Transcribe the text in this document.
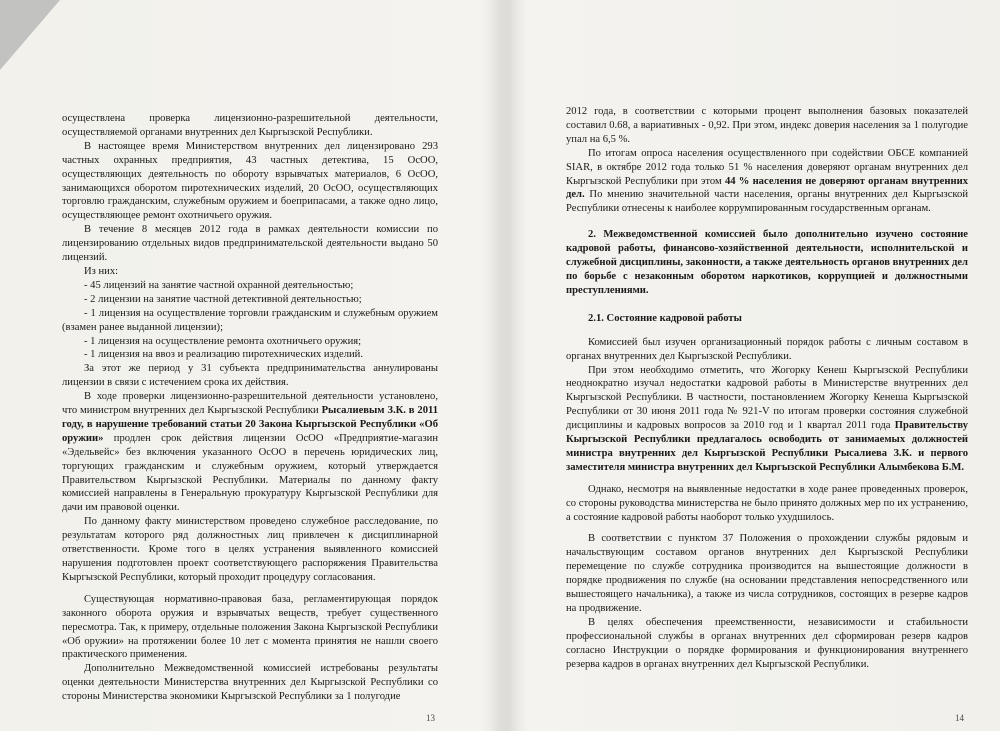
осуществлена проверка лицензионно-разрешительной деятельности, осуществляемой органами внутренних дел Кыргызской Республики.

В настоящее время Министерством внутренних дел лицензировано 293 частных охранных предприятия, 43 частных детектива, 15 ОсОО, осуществляющих деятельность по обороту взрывчатых материалов, 6 ОсОО, занимающихся оборотом пиротехнических изделий, 20 ОсОО, осуществляющих торговлю гражданским, служебным оружием и боеприпасами, а также одно лицо, осуществляющее ремонт охотничьего оружия.

В течение 8 месяцев 2012 года в рамках деятельности комиссии по лицензированию отдельных видов предпринимательской деятельности выдано 50 лицензий.

Из них:

- 45 лицензий на занятие частной охранной деятельностью;

- 2 лицензии на занятие частной детективной деятельностью;

- 1 лицензия на осуществление торговли гражданским и служебным оружием (взамен ранее выданной лицензии);

- 1 лицензия на осуществление ремонта охотничьего оружия;

- 1 лицензия на ввоз и реализацию пиротехнических изделий.

За этот же период у 31 субъекта предпринимательства аннулированы лицензии в связи с истечением срока их действия.

В ходе проверки лицензионно-разрешительной деятельности установлено, что министром внутренних дел Кыргызской Республики Рысалиевым З.К. в 2011 году, в нарушение требований статьи 20 Закона Кыргызской Республики «Об оружии» продлен срок действия лицензии ОсОО «Предприятие-магазин «Эдельвейс» без включения указанного ОсОО в перечень юридических лиц, торгующих гражданским и служебным оружием, который утверждается Правительством Кыргызской Республики. Материалы по данному факту комиссией направлены в Генеральную прокуратуру Кыргызской Республики для дачи им правовой оценки.

По данному факту министерством проведено служебное расследование, по результатам которого ряд должностных лиц привлечен к дисциплинарной ответственности. Кроме того в целях устранения выявленного комиссией нарушения подготовлен проект соответствующего распоряжения Правительства Кыргызской Республики, который проходит процедуру согласования.

Существующая нормативно-правовая база, регламентирующая порядок законного оборота оружия и взрывчатых веществ, требует существенного пересмотра. Так, к примеру, отдельные положения Закона Кыргызской Республики «Об оружии» на протяжении более 10 лет с момента принятия не нашли своего практического применения.

Дополнительно Межведомственной комиссией истребованы результаты оценки деятельности Министерства внутренних дел Кыргызской Республики со стороны Министерства экономики Кыргызской Республики за 1 полугодие

2012 года, в соответствии с которыми процент выполнения базовых показателей составил 0.68, а вариативных - 0,92. При этом, индекс доверия населения за 1 полугодие упал на 6,5 %.

По итогам опроса населения осуществленного при содействии ОБСЕ компанией SIAR, в октябре 2012 года только 51 % населения доверяют органам внутренних дел Кыргызской Республики при этом 44 % населения не доверяют органам внутренних дел. По мнению значительной части населения, органы внутренних дел Кыргызской Республики отнесены к наиболее коррумпированным государственным органам.

2. Межведомственной комиссией было дополнительно изучено состояние кадровой работы, финансово-хозяйственной деятельности, исполнительской и служебной дисциплины, законности, а также деятельность органов внутренних дел по борьбе с незаконным оборотом наркотиков, коррупцией и должностными преступлениями.

2.1. Состояние кадровой работы

Комиссией был изучен организационный порядок работы с личным составом в органах внутренних дел Кыргызской Республики.

При этом необходимо отметить, что Жогорку Кенеш Кыргызской Республики неоднократно изучал недостатки кадровой работы в Министерстве внутренних дел Кыргызской Республики. В частности, постановлением Жогорку Кенеша Кыргызской Республики от 30 июня 2011 года № 921-V по итогам проверки состояния служебной дисциплины и кадровых вопросов за 2010 год и 1 квартал 2011 года Правительству Кыргызской Республики предлагалось освободить от занимаемых должностей министра внутренних дел Кыргызской Республики Рысалиева З.К. и первого заместителя министра внутренних дел Кыргызской Республики Алымбекова Б.М.

Однако, несмотря на выявленные недостатки в ходе ранее проведенных проверок, со стороны руководства министерства не было принято должных мер по их устранению, а состояние кадровой работы наоборот только ухудшилось.

В соответствии с пунктом 37 Положения о прохождении службы рядовым и начальствующим составом органов внутренних дел Кыргызской Республики перемещение по службе сотрудника производится на вышестоящие должности в порядке продвижения по службе (на основании представления непосредственного или вышестоящего начальника), а также из числа сотрудников, состоящих в резерве кадров на продвижение.

В целях обеспечения преемственности, независимости и стабильности профессиональной службы в органах внутренних дел сформирован резерв кадров согласно Инструкции о порядке формирования и функционирования внутреннего резерва кадров в органах внутренних дел Кыргызской Республики.

13	14
